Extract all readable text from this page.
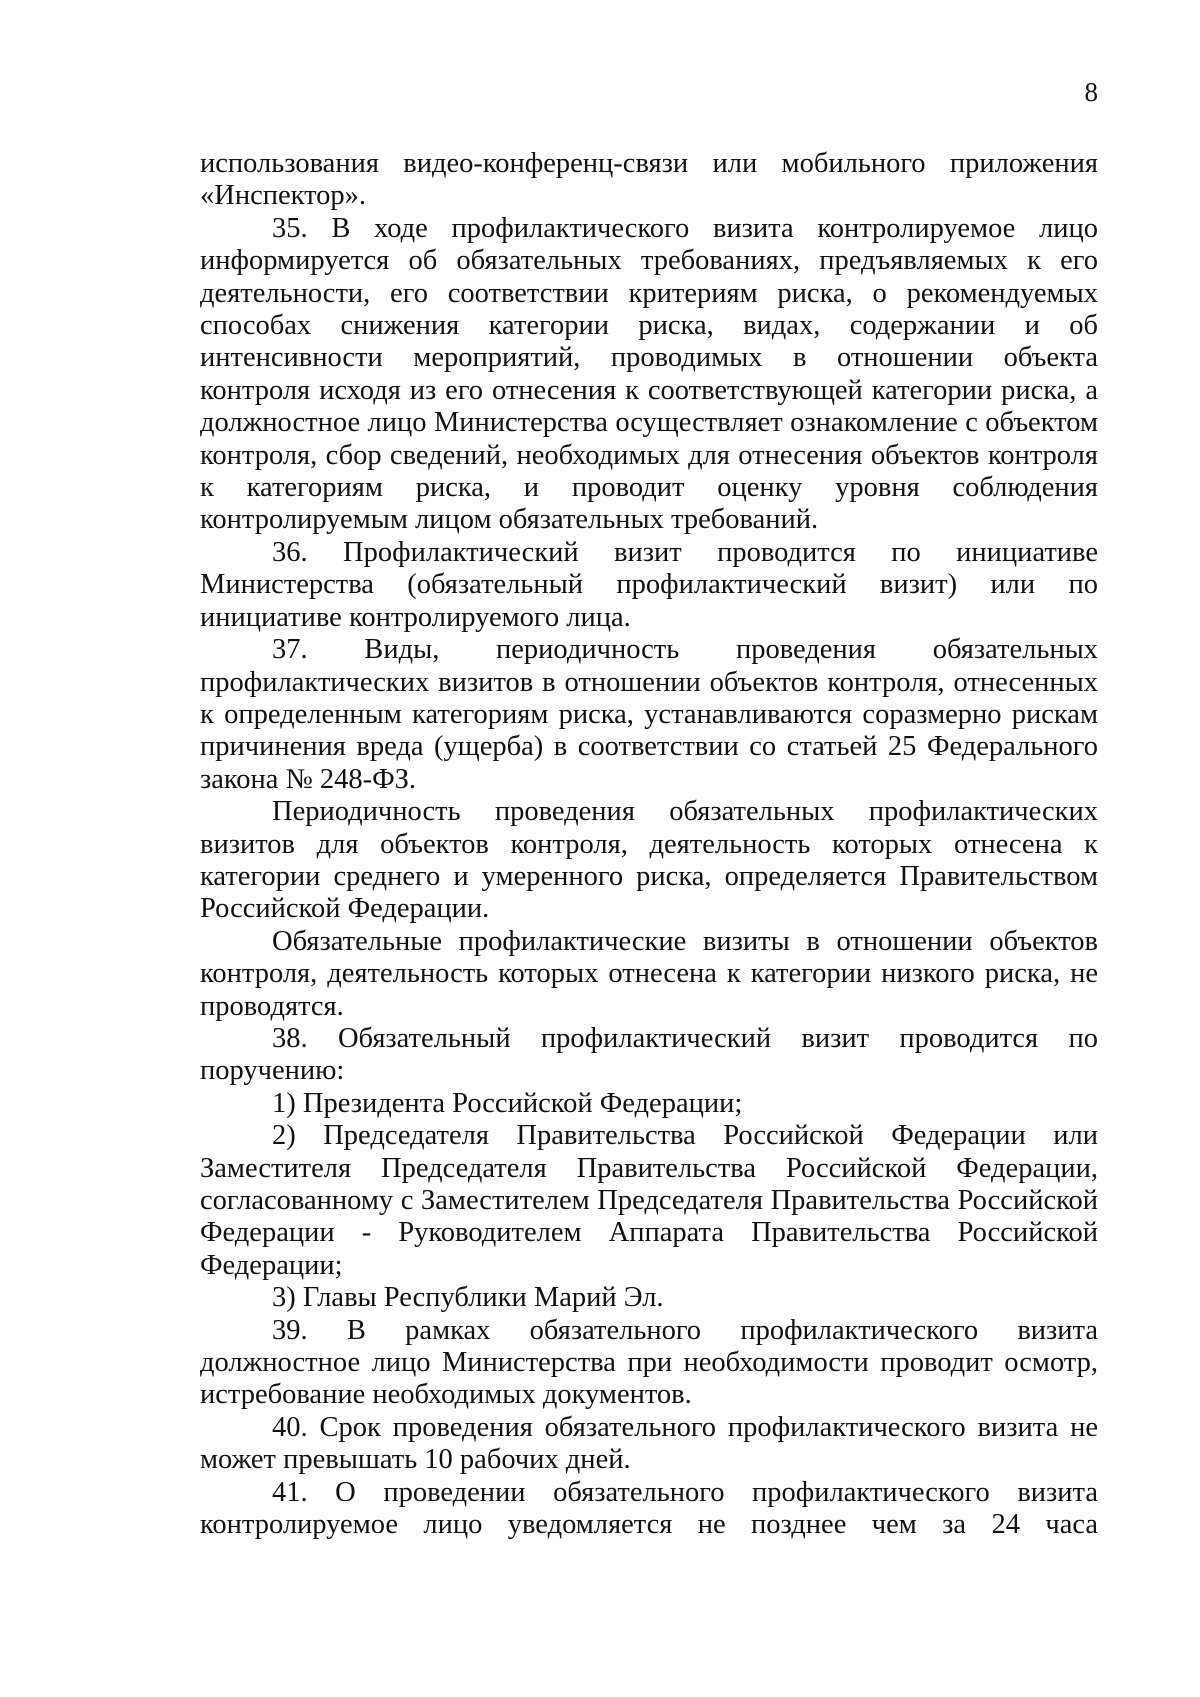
8

использования видео-конференц-связи или мобильного приложения «Инспектор».

35. В ходе профилактического визита контролируемое лицо информируется об обязательных требованиях, предъявляемых к его деятельности, его соответствии критериям риска, о рекомендуемых способах снижения категории риска, видах, содержании и об интенсивности мероприятий, проводимых в отношении объекта контроля исходя из его отнесения к соответствующей категории риска, а должностное лицо Министерства осуществляет ознакомление с объектом контроля, сбор сведений, необходимых для отнесения объектов контроля к категориям риска, и проводит оценку уровня соблюдения контролируемым лицом обязательных требований.

36. Профилактический визит проводится по инициативе Министерства (обязательный профилактический визит) или по инициативе контролируемого лица.

37. Виды, периодичность проведения обязательных профилактических визитов в отношении объектов контроля, отнесенных к определенным категориям риска, устанавливаются соразмерно рискам причинения вреда (ущерба) в соответствии со статьей 25 Федерального закона № 248-ФЗ.

Периодичность проведения обязательных профилактических визитов для объектов контроля, деятельность которых отнесена к категории среднего и умеренного риска, определяется Правительством Российской Федерации.

Обязательные профилактические визиты в отношении объектов контроля, деятельность которых отнесена к категории низкого риска, не проводятся.

38. Обязательный профилактический визит проводится по поручению:

1) Президента Российской Федерации;

2) Председателя Правительства Российской Федерации или Заместителя Председателя Правительства Российской Федерации, согласованному с Заместителем Председателя Правительства Российской Федерации - Руководителем Аппарата Правительства Российской Федерации;

3) Главы Республики Марий Эл.

39. В рамках обязательного профилактического визита должностное лицо Министерства при необходимости проводит осмотр, истребование необходимых документов.

40. Срок проведения обязательного профилактического визита не может превышать 10 рабочих дней.

41. О проведении обязательного профилактического визита контролируемое лицо уведомляется не позднее чем за 24 часа
